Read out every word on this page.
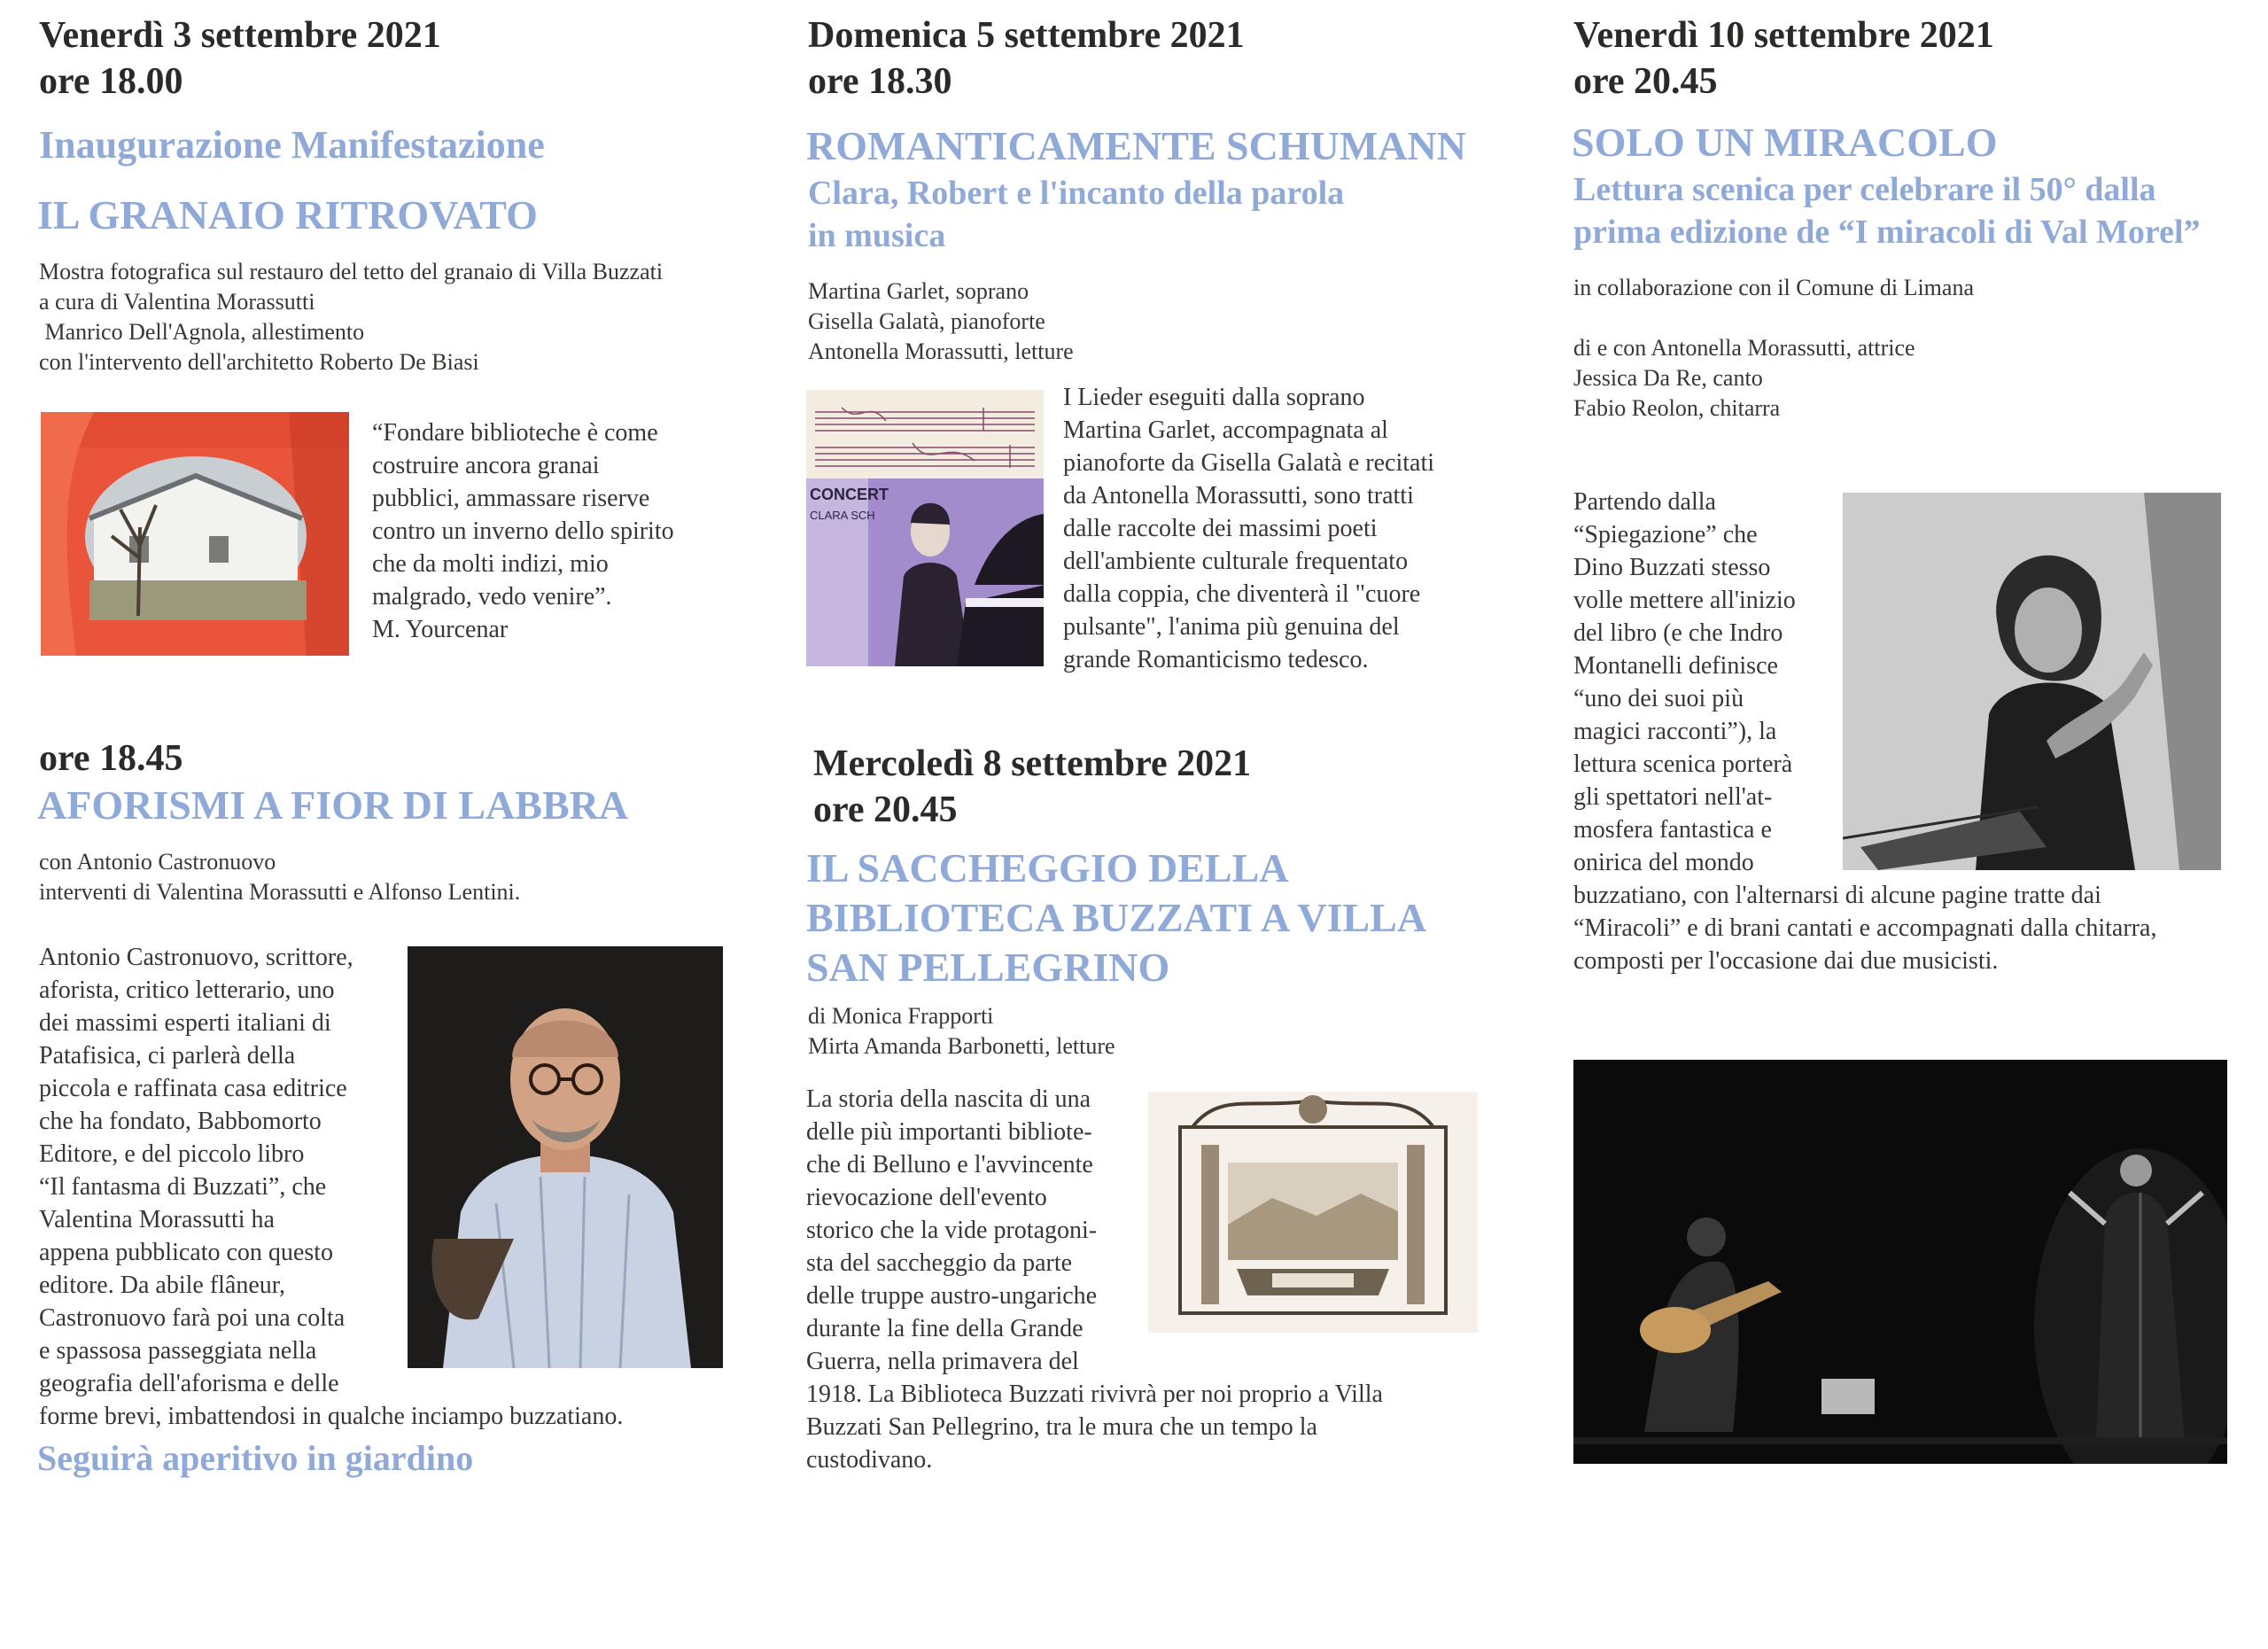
Venerdì 3 settembre 2021
ore 18.00
Inaugurazione Manifestazione
IL GRANAIO RITROVATO
Mostra fotografica sul restauro del tetto del granaio di Villa Buzzati
a cura di Valentina Morassutti
Manrico Dell'Agnola, allestimento
con l'intervento dell'architetto Roberto De Biasi
“Fondare biblioteche è come
costruire ancora granai
pubblici, ammassare riserve
contro un inverno dello spirito
che da molti indizi, mio
malgrado, vedo venire”.
M. Yourcenar
ore 18.45
AFORISMI A FIOR DI LABBRA
con Antonio Castronuovo
interventi di Valentina Morassutti e Alfonso Lentini.
Antonio Castronuovo, scrittore,
aforista, critico letterario, uno
dei massimi esperti italiani di
Patafisica, ci parlerà della
piccola e raffinata casa editrice
che ha fondato, Babbomorto
Editore, e del piccolo libro
“Il fantasma di Buzzati”, che
Valentina Morassutti ha
appena pubblicato con questo
editore. Da abile flâneur,
Castronuovo farà poi una colta
e spassosa passeggiata nella
geografia dell'aforisma e delle
forme brevi, imbattendosi in qualche inciampo buzzatiano.
Seguirà aperitivo in giardino
Domenica 5 settembre 2021
ore 18.30
ROMANTICAMENTE SCHUMANN
Clara, Robert e l'incanto della parola
in musica
Martina Garlet, soprano
Gisella Galatà, pianoforte
Antonella Morassutti, letture
CONCERT
CLARA SCH
I Lieder eseguiti dalla soprano
Martina Garlet, accompagnata al
pianoforte da Gisella Galatà e recitati
da Antonella Morassutti, sono tratti
dalle raccolte dei massimi poeti
dell'ambiente culturale frequentato
dalla coppia, che diventerà il "cuore
pulsante", l'anima più genuina del
grande Romanticismo tedesco.
Mercoledì 8 settembre 2021
ore 20.45
IL SACCHEGGIO DELLA
BIBLIOTECA BUZZATI A VILLA
SAN PELLEGRINO
di Monica Frapporti
Mirta Amanda Barbonetti, letture
La storia della nascita di una
delle più importanti bibliote-
che di Belluno e l'avvincente
rievocazione dell'evento
storico che la vide protagoni-
sta del saccheggio da parte
delle truppe austro-ungariche
durante la fine della Grande
Guerra, nella primavera del
1918. La Biblioteca Buzzati rivivrà per noi proprio a Villa
Buzzati San Pellegrino, tra le mura che un tempo la
custodivano.
Venerdì 10 settembre 2021
ore 20.45
SOLO UN MIRACOLO
Lettura scenica per celebrare il 50° dalla
prima edizione de “I miracoli di Val Morel”
in collaborazione con il Comune di Limana
di e con Antonella Morassutti, attrice
Jessica Da Re, canto
Fabio Reolon, chitarra
Partendo dalla
“Spiegazione” che
Dino Buzzati stesso
volle mettere all'inizio
del libro (e che Indro
Montanelli definisce
“uno dei suoi più
magici racconti”), la
lettura scenica porterà
gli spettatori nell'at-
mosfera fantastica e
onirica del mondo
buzzatiano, con l'alternarsi di alcune pagine tratte dai
“Miracoli” e di brani cantati e accompagnati dalla chitarra,
composti per l'occasione dai due musicisti.
